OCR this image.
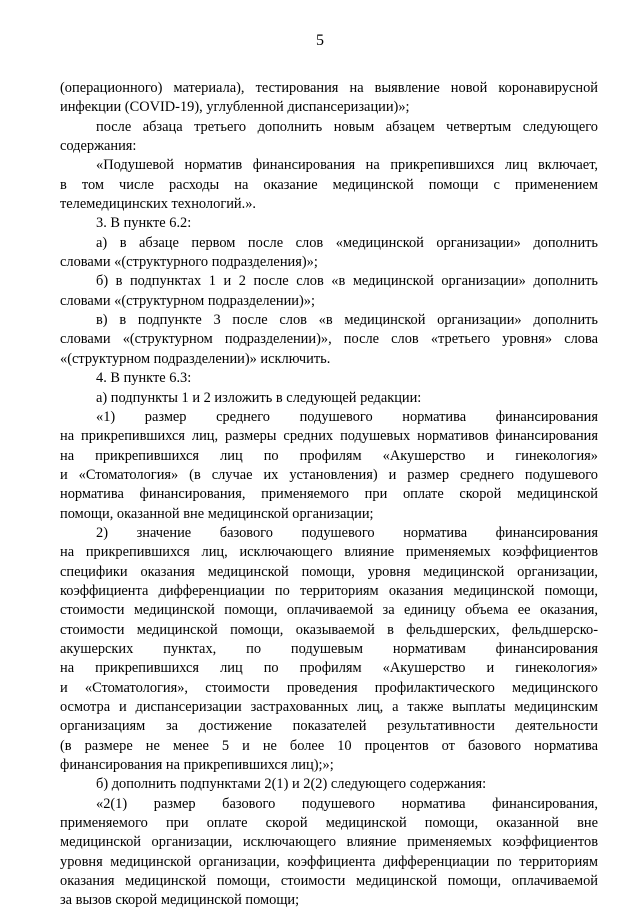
5
(операционного) материала), тестирования на выявление новой коронавирусной
инфекции (COVID-19), углубленной диспансеризации)»;
после абзаца третьего дополнить новым абзацем четвертым следующего
содержания:
«Подушевой норматив финансирования на прикрепившихся лиц включает,
в том числе расходы на оказание медицинской помощи с применением
телемедицинских технологий.».
3. В пункте 6.2:
а) в абзаце первом после слов «медицинской организации» дополнить
словами «(структурного подразделения)»;
б) в подпунктах 1 и 2 после слов «в медицинской организации» дополнить
словами «(структурном подразделении)»;
в) в подпункте 3 после слов «в медицинской организации» дополнить
словами «(структурном подразделении)», после слов «третьего уровня» слова
«(структурном подразделении)» исключить.
4. В пункте 6.3:
а) подпункты 1 и 2 изложить в следующей редакции:
«1) размер среднего подушевого норматива финансирования
на прикрепившихся лиц, размеры средних подушевых нормативов финансирования
на прикрепившихся лиц по профилям «Акушерство и гинекология»
и «Стоматология» (в случае их установления) и размер среднего подушевого
норматива финансирования, применяемого при оплате скорой медицинской
помощи, оказанной вне медицинской организации;
2) значение базового подушевого норматива финансирования
на прикрепившихся лиц, исключающего влияние применяемых коэффициентов
специфики оказания медицинской помощи, уровня медицинской организации,
коэффициента дифференциации по территориям оказания медицинской помощи,
стоимости медицинской помощи, оплачиваемой за единицу объема ее оказания,
стоимости медицинской помощи, оказываемой в фельдшерских, фельдшерско-
акушерских пунктах, по подушевым нормативам финансирования
на прикрепившихся лиц по профилям «Акушерство и гинекология»
и «Стоматология», стоимости проведения профилактического медицинского
осмотра и диспансеризации застрахованных лиц, а также выплаты медицинским
организациям за достижение показателей результативности деятельности
(в размере не менее 5 и не более 10 процентов от базового норматива
финансирования на прикрепившихся лиц);»;
б) дополнить подпунктами 2(1) и 2(2) следующего содержания:
«2(1) размер базового подушевого норматива финансирования,
применяемого при оплате скорой медицинской помощи, оказанной вне
медицинской организации, исключающего влияние применяемых коэффициентов
уровня медицинской организации, коэффициента дифференциации по территориям
оказания медицинской помощи, стоимости медицинской помощи, оплачиваемой
за вызов скорой медицинской помощи;
